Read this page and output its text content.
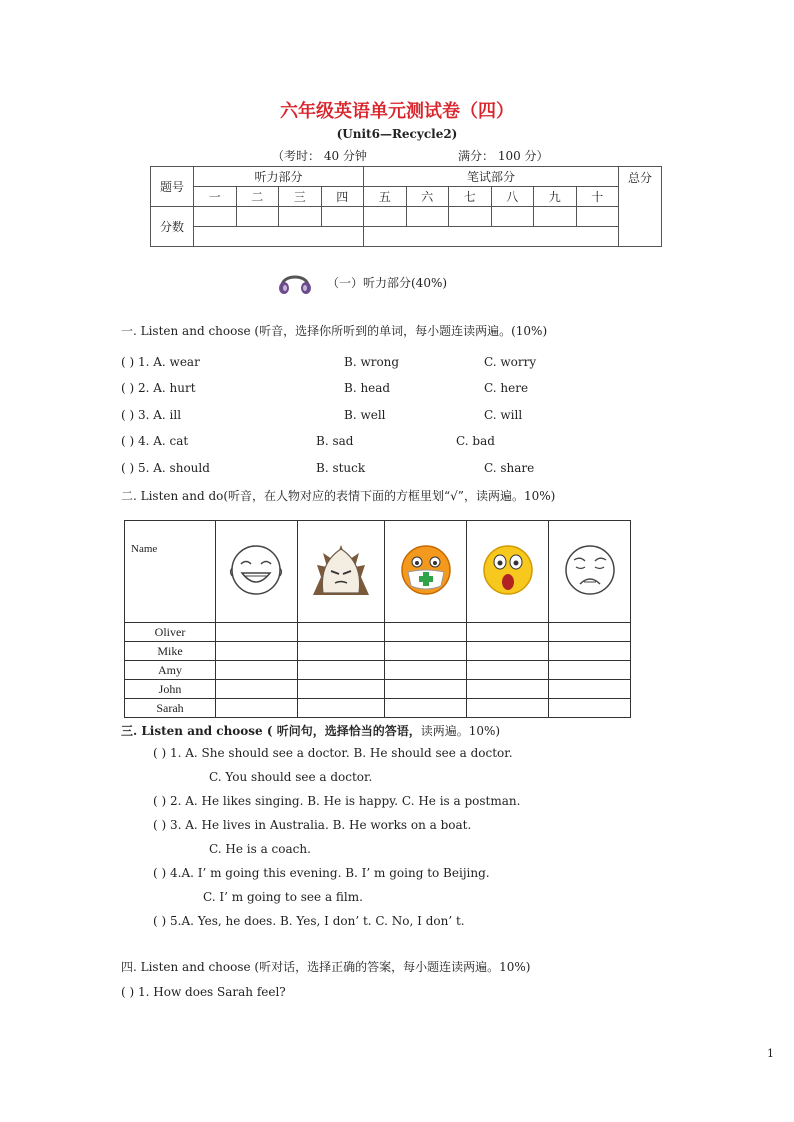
六年级英语单元测试卷（四）
(Unit6—Recycle2)
（考时： 40 分钟	满分： 100 分）
题号	听力部分				笔试部分						总分
	一	二	三	四	五	六	七	八	九	十	
分数											

（一）听力部分(40%)
一. Listen and choose (听音，选择你所听到的单词，每小题连读两遍。(10%)
( ) 1. A. wear	B. wrong	C. worry
( ) 2. A. hurt	B. head	C. here
( ) 3. A. ill	B. well	C. will
( ) 4. A. cat	B. sad	C. bad
( ) 5. A. should	B. stuck	C. share
二. Listen and do(听音，在人物对应的表情下面的方框里划“√”，读两遍。10%)
Name					
Oliver					
Mike					
Amy					
John					
Sarah					
三. Listen and choose ( 听问句，选择恰当的答语，读两遍。10%)
( ) 1. A. She should see a doctor. B. He should see a doctor.
C. You should see a doctor.
( ) 2. A. He likes singing. B. He is happy. C. He is a postman.
( ) 3. A. He lives in Australia. B. He works on a boat.
C. He is a coach.
( ) 4.A. I’ m going this evening. B. I’ m going to Beijing.
C. I’ m going to see a film.
( ) 5.A. Yes, he does. B. Yes, I don’ t. C. No, I don’ t.
四. Listen and choose (听对话，选择正确的答案，每小题连读两遍。10%)
( ) 1. How does Sarah feel?
1
